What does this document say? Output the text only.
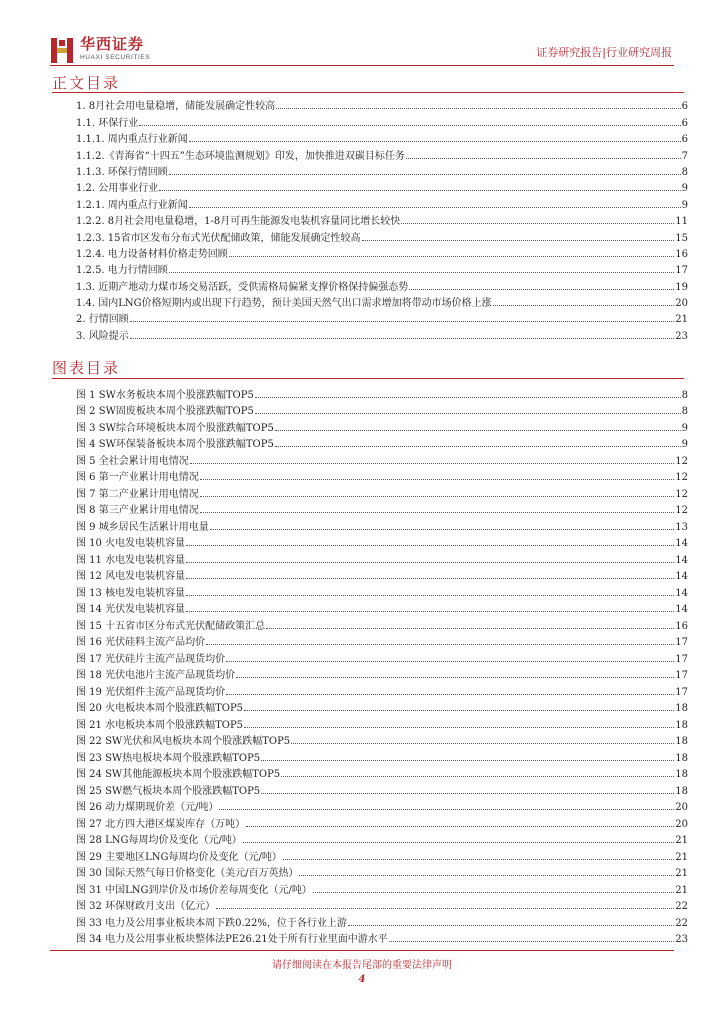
华西证券
HUAXI SECURITIES	证券研究报告|行业研究周报
正文目录
1. 8月社会用电量稳增，储能发展确定性较高	6
1.1. 环保行业	6
1.1.1. 周内重点行业新闻	6
1.1.2.《青海省“十四五”生态环境监测规划》印发，加快推进双碳目标任务	7
1.1.3. 环保行情回顾	8
1.2. 公用事业行业	9
1.2.1. 周内重点行业新闻	9
1.2.2. 8月社会用电量稳增，1-8月可再生能源发电装机容量同比增长较快	11
1.2.3. 15省市区发布分布式光伏配储政策，储能发展确定性较高	15
1.2.4. 电力设备材料价格走势回顾	16
1.2.5. 电力行情回顾	17
1.3. 近期产地动力煤市场交易活跃，受供需格局偏紧支撑价格保持偏强态势	19
1.4. 国内LNG价格短期内或出现下行趋势，预计美国天然气出口需求增加将带动市场价格上涨	20
2. 行情回顾	21
3. 风险提示	23
图表目录
图 1 SW水务板块本周个股涨跌幅TOP5	8
图 2 SW固废板块本周个股涨跌幅TOP5	8
图 3 SW综合环境板块本周个股涨跌幅TOP5	9
图 4 SW环保装备板块本周个股涨跌幅TOP5	9
图 5 全社会累计用电情况	12
图 6 第一产业累计用电情况	12
图 7 第二产业累计用电情况	12
图 8 第三产业累计用电情况	12
图 9 城乡居民生活累计用电量	13
图 10 火电发电装机容量	14
图 11 水电发电装机容量	14
图 12 风电发电装机容量	14
图 13 核电发电装机容量	14
图 14 光伏发电装机容量	14
图 15 十五省市区分布式光伏配储政策汇总	16
图 16 光伏硅料主流产品均价	17
图 17 光伏硅片主流产品现货均价	17
图 18 光伏电池片主流产品现货均价	17
图 19 光伏组件主流产品现货均价	17
图 20 火电板块本周个股涨跌幅TOP5	18
图 21 水电板块本周个股涨跌幅TOP5	18
图 22 SW光伏和风电板块本周个股涨跌幅TOP5	18
图 23 SW热电板块本周个股涨跌幅TOP5	18
图 24 SW其他能源板块本周个股涨跌幅TOP5	18
图 25 SW燃气板块本周个股涨跌幅TOP5	18
图 26 动力煤期现价差（元/吨）	20
图 27 北方四大港区煤炭库存（万吨）	20
图 28 LNG每周均价及变化（元/吨）	21
图 29 主要地区LNG每周均价及变化（元/吨）	21
图 30 国际天然气每日价格变化（美元/百万英热）	21
图 31 中国LNG到岸价及市场价差每周变化（元/吨）	21
图 32 环保财政月支出（亿元）	22
图 33 电力及公用事业板块本周下跌0.22%，位于各行业上游	22
图 34 电力及公用事业板块整体法PE26.21处于所有行业里面中游水平	23
请仔细阅读在本报告尾部的重要法律声明
4
